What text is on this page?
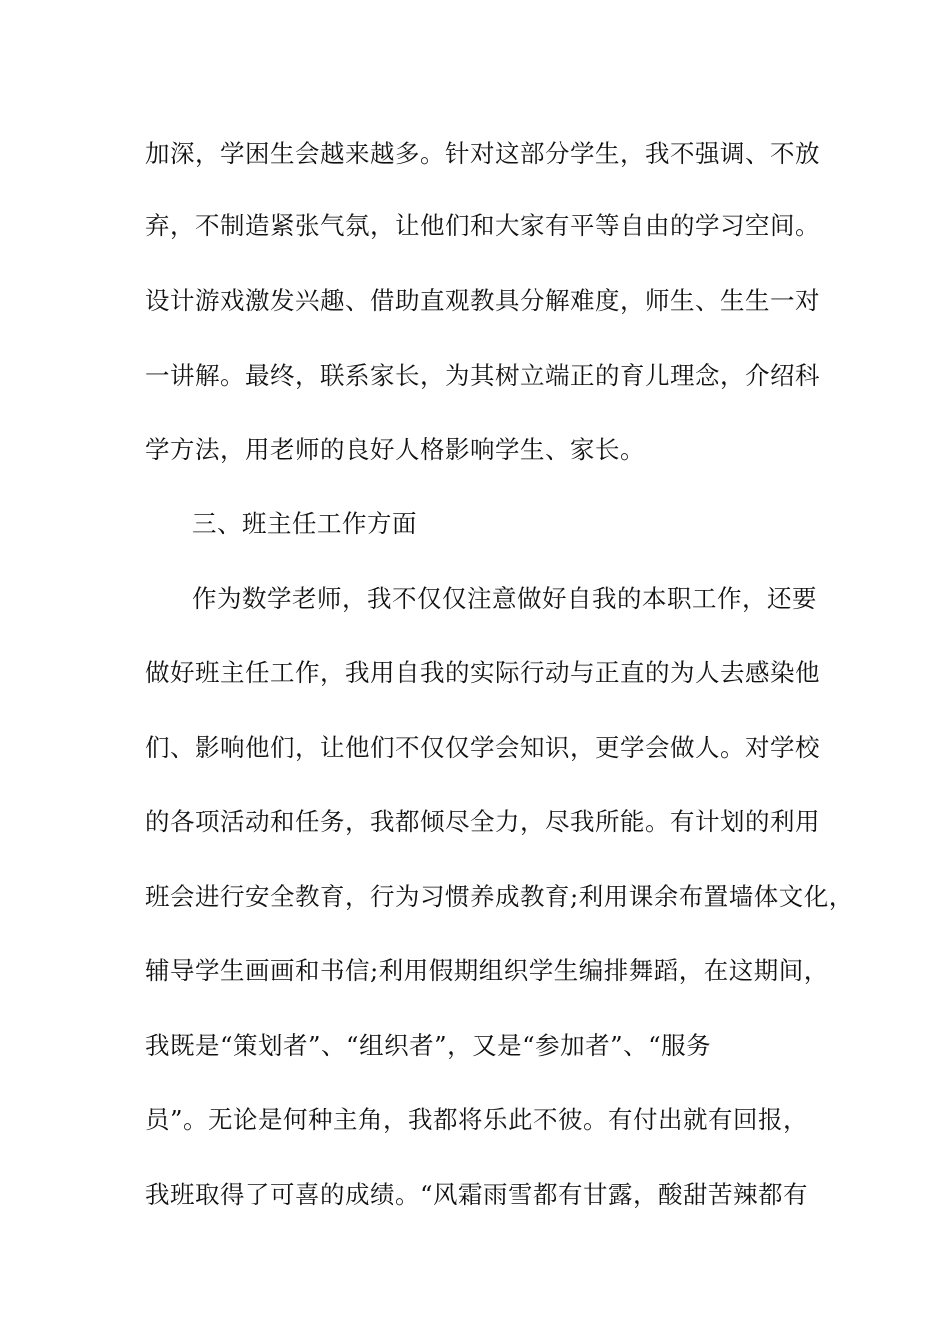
加深，学困生会越来越多。针对这部分学生，我不强调、不放
弃，不制造紧张气氛，让他们和大家有平等自由的学习空间。
设计游戏激发兴趣、借助直观教具分解难度，师生、生生一对
一讲解。最终，联系家长，为其树立端正的育儿理念，介绍科
学方法，用老师的良好人格影响学生、家长。
三、班主任工作方面
作为数学老师，我不仅仅注意做好自我的本职工作，还要
做好班主任工作，我用自我的实际行动与正直的为人去感染他
们、影响他们，让他们不仅仅学会知识，更学会做人。对学校
的各项活动和任务，我都倾尽全力，尽我所能。有计划的利用
班会进行安全教育，行为习惯养成教育;利用课余布置墙体文化，
辅导学生画画和书信;利用假期组织学生编排舞蹈，在这期间，
我既是“策划者”、“组织者”，又是“参加者”、“服务
员”。无论是何种主角，我都将乐此不彼。有付出就有回报，
我班取得了可喜的成绩。“风霜雨雪都有甘露，酸甜苦辣都有
